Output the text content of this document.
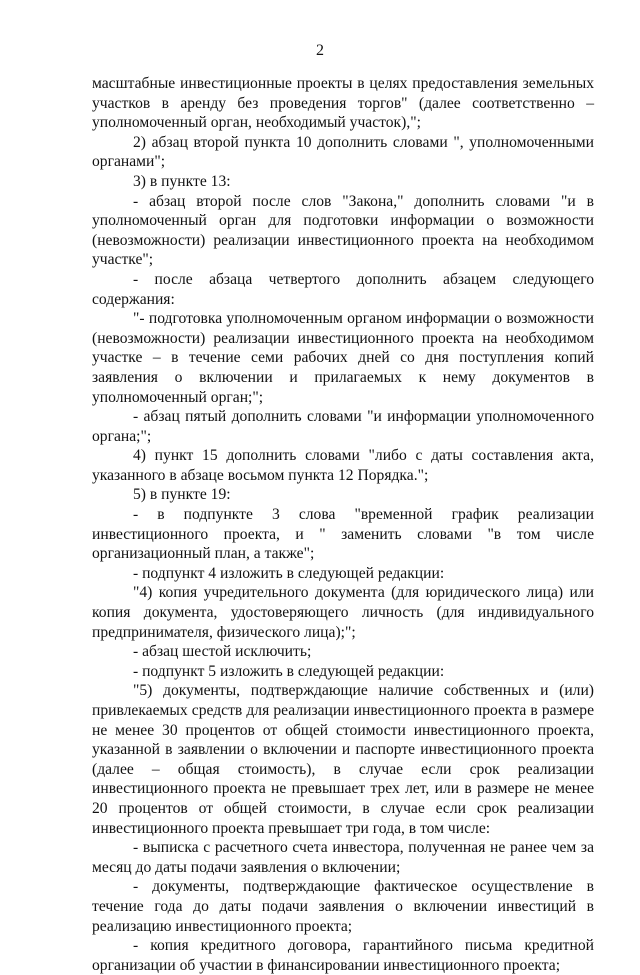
2

масштабные инвестиционные проекты в целях предоставления земельных участков в аренду без проведения торгов" (далее соответственно – уполномоченный орган, необходимый участок),";

2) абзац второй пункта 10 дополнить словами ", уполномоченными органами";

3) в пункте 13:

- абзац второй после слов "Закона," дополнить словами "и в уполномоченный орган для подготовки информации о возможности (невозможности) реализации инвестиционного проекта на необходимом участке";

- после абзаца четвертого дополнить абзацем следующего содержания:

"- подготовка уполномоченным органом информации о возможности (невозможности) реализации инвестиционного проекта на необходимом участке – в течение семи рабочих дней со дня поступления копий заявления о включении и прилагаемых к нему документов в уполномоченный орган;";

- абзац пятый дополнить словами "и информации уполномоченного органа;";

4) пункт 15 дополнить словами "либо с даты составления акта, указанного в абзаце восьмом пункта 12 Порядка.";

5) в пункте 19:

- в подпункте 3 слова "временной график реализации инвестиционного проекта, и " заменить словами "в том числе организационный план, а также";

- подпункт 4 изложить в следующей редакции:

"4) копия учредительного документа (для юридического лица) или копия документа, удостоверяющего личность (для индивидуального предпринимателя, физического лица);";

- абзац шестой исключить;

- подпункт 5 изложить в следующей редакции:

"5) документы, подтверждающие наличие собственных и (или) привлекаемых средств для реализации инвестиционного проекта в размере не менее 30 процентов от общей стоимости инвестиционного проекта, указанной в заявлении о включении и паспорте инвестиционного проекта (далее – общая стоимость), в случае если срок реализации инвестиционного проекта не превышает трех лет, или в размере не менее 20 процентов от общей стоимости, в случае если срок реализации инвестиционного проекта превышает три года, в том числе:

- выписка с расчетного счета инвестора, полученная не ранее чем за месяц до даты подачи заявления о включении;

- документы, подтверждающие фактическое осуществление в течение года до даты подачи заявления о включении инвестиций в реализацию инвестиционного проекта;

- копия кредитного договора, гарантийного письма кредитной организации об участии в финансировании инвестиционного проекта;
